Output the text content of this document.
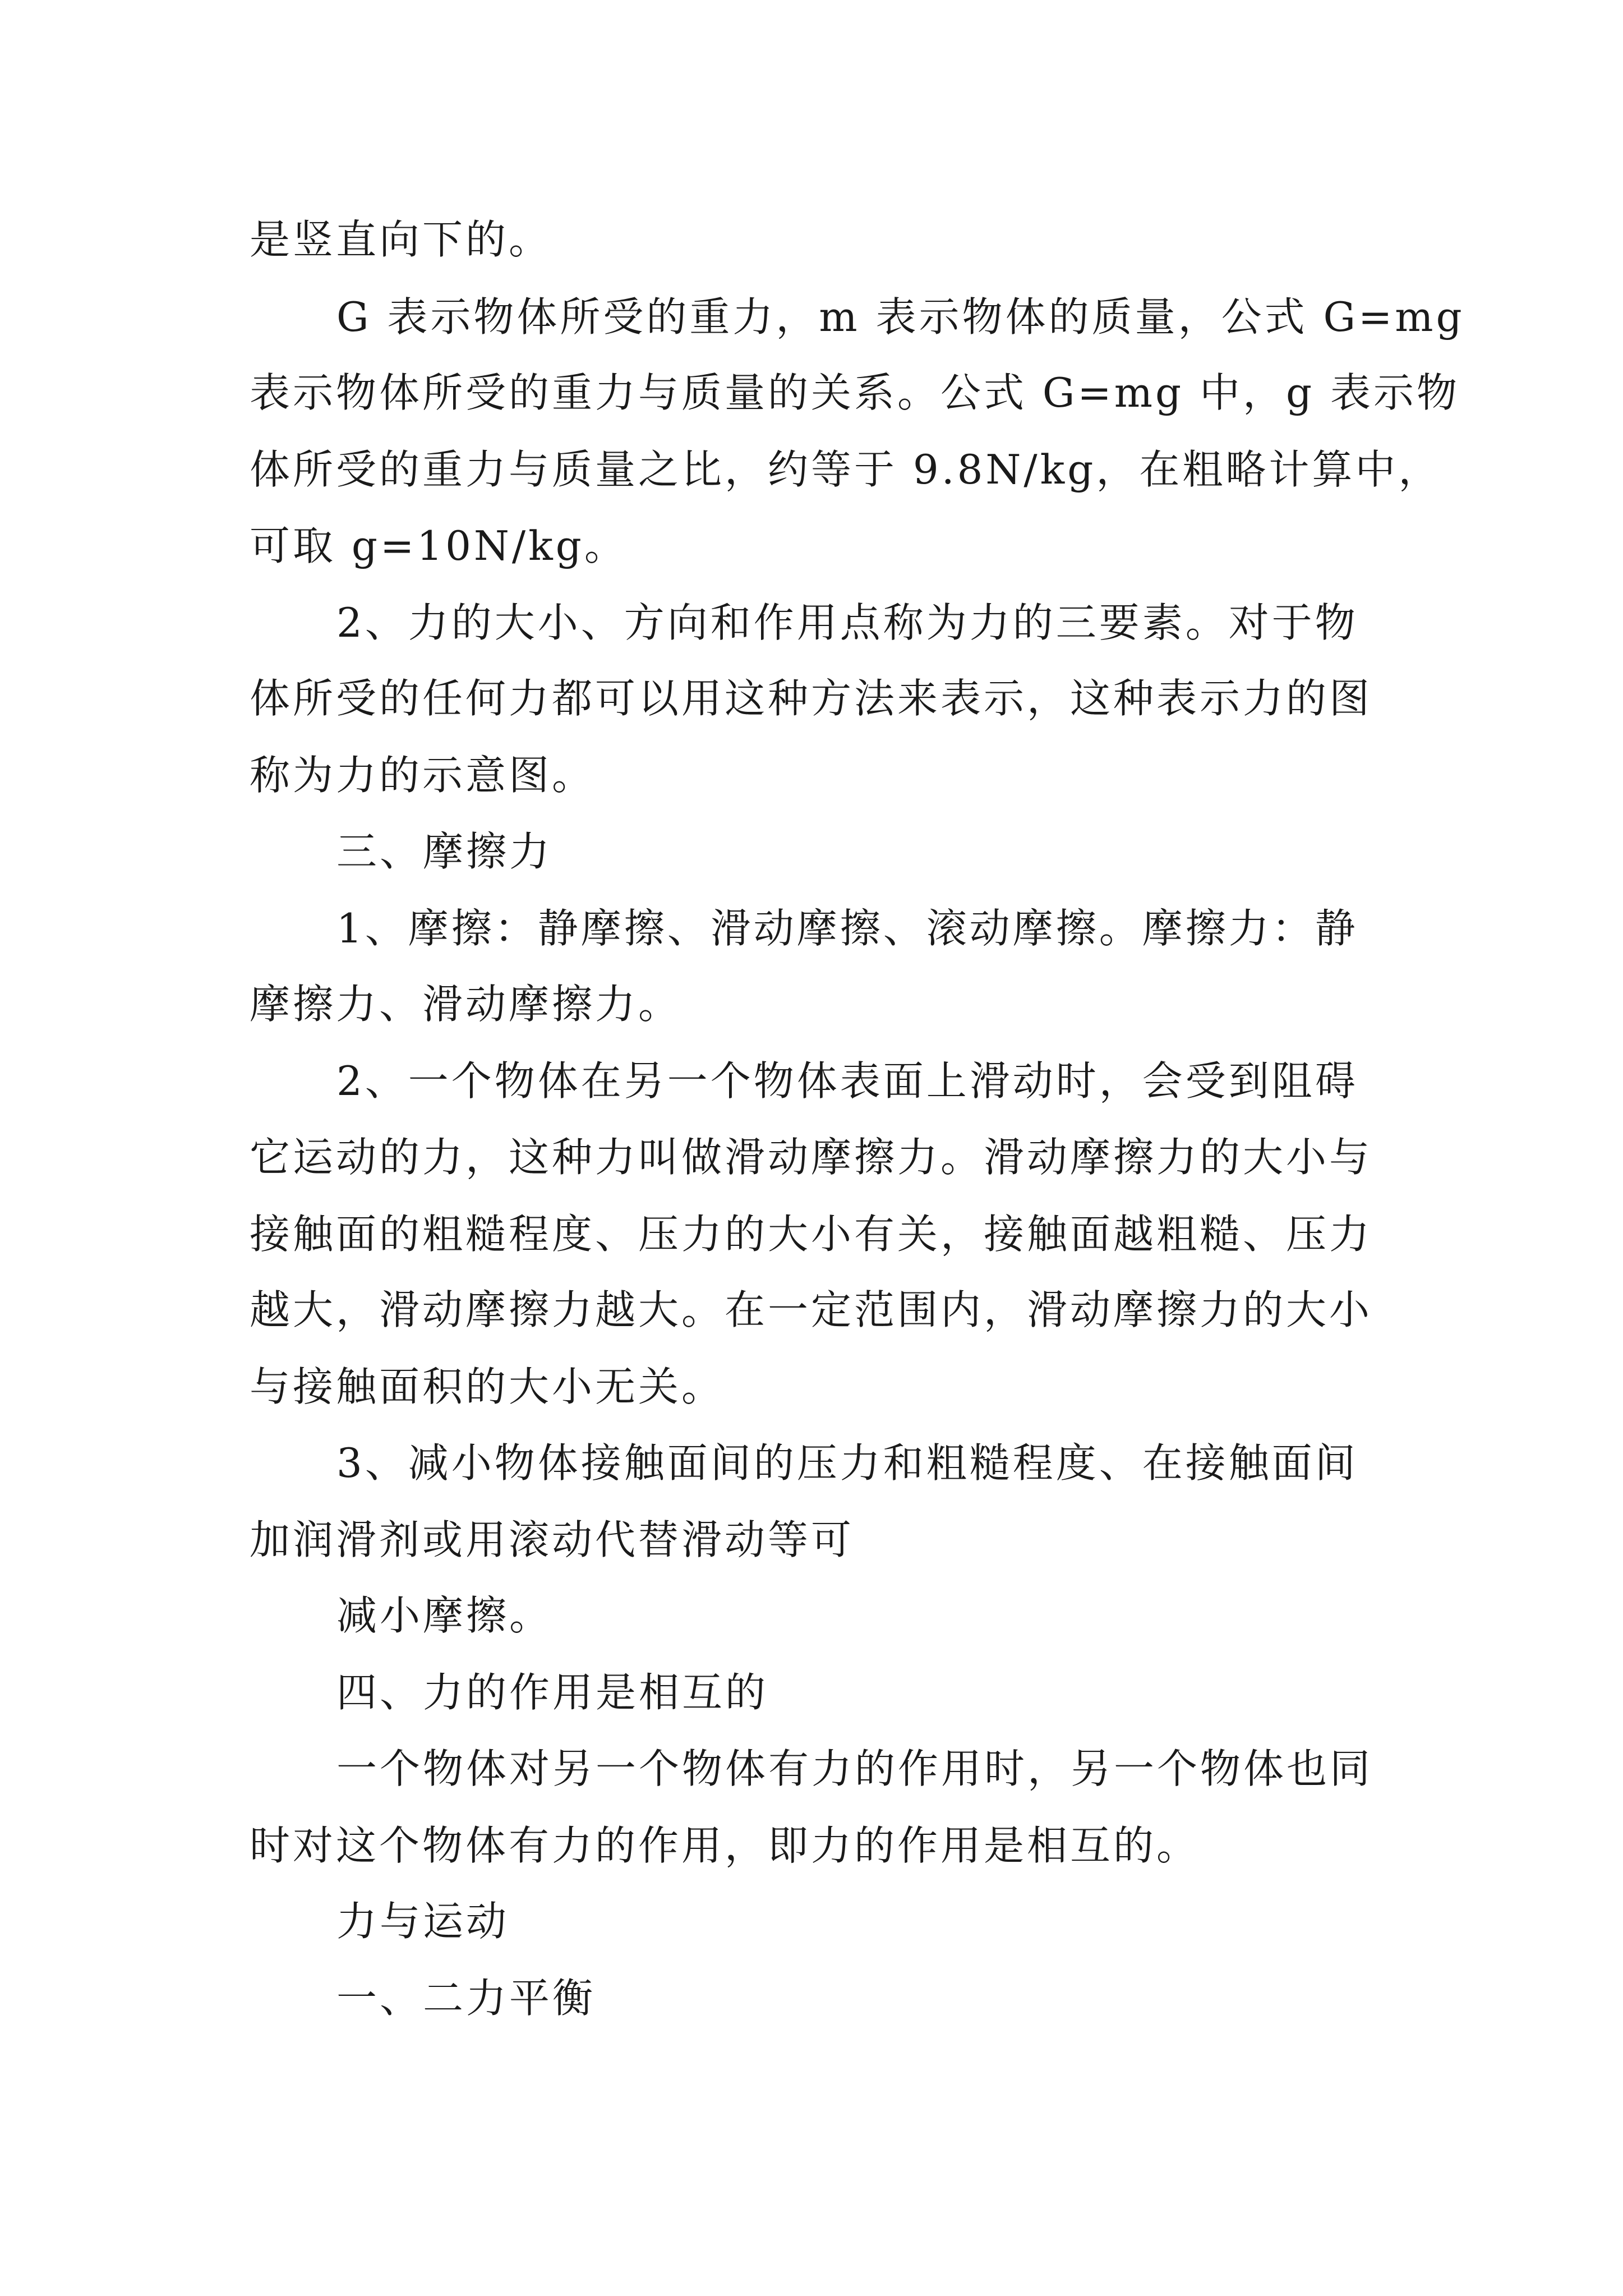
是竖直向下的。
G 表示物体所受的重力，m 表示物体的质量，公式 G=mg
表示物体所受的重力与质量的关系。公式 G=mg 中，g 表示物
体所受的重力与质量之比，约等于 9.8N/kg，在粗略计算中，
可取 g=10N/kg。
2、力的大小、方向和作用点称为力的三要素。对于物
体所受的任何力都可以用这种方法来表示，这种表示力的图
称为力的示意图。
三、摩擦力
1、摩擦：静摩擦、滑动摩擦、滚动摩擦。摩擦力：静
摩擦力、滑动摩擦力。
2、一个物体在另一个物体表面上滑动时，会受到阻碍
它运动的力，这种力叫做滑动摩擦力。滑动摩擦力的大小与
接触面的粗糙程度、压力的大小有关，接触面越粗糙、压力
越大，滑动摩擦力越大。在一定范围内，滑动摩擦力的大小
与接触面积的大小无关。
3、减小物体接触面间的压力和粗糙程度、在接触面间
加润滑剂或用滚动代替滑动等可
减小摩擦。
四、力的作用是相互的
一个物体对另一个物体有力的作用时，另一个物体也同
时对这个物体有力的作用，即力的作用是相互的。
力与运动
一、二力平衡
